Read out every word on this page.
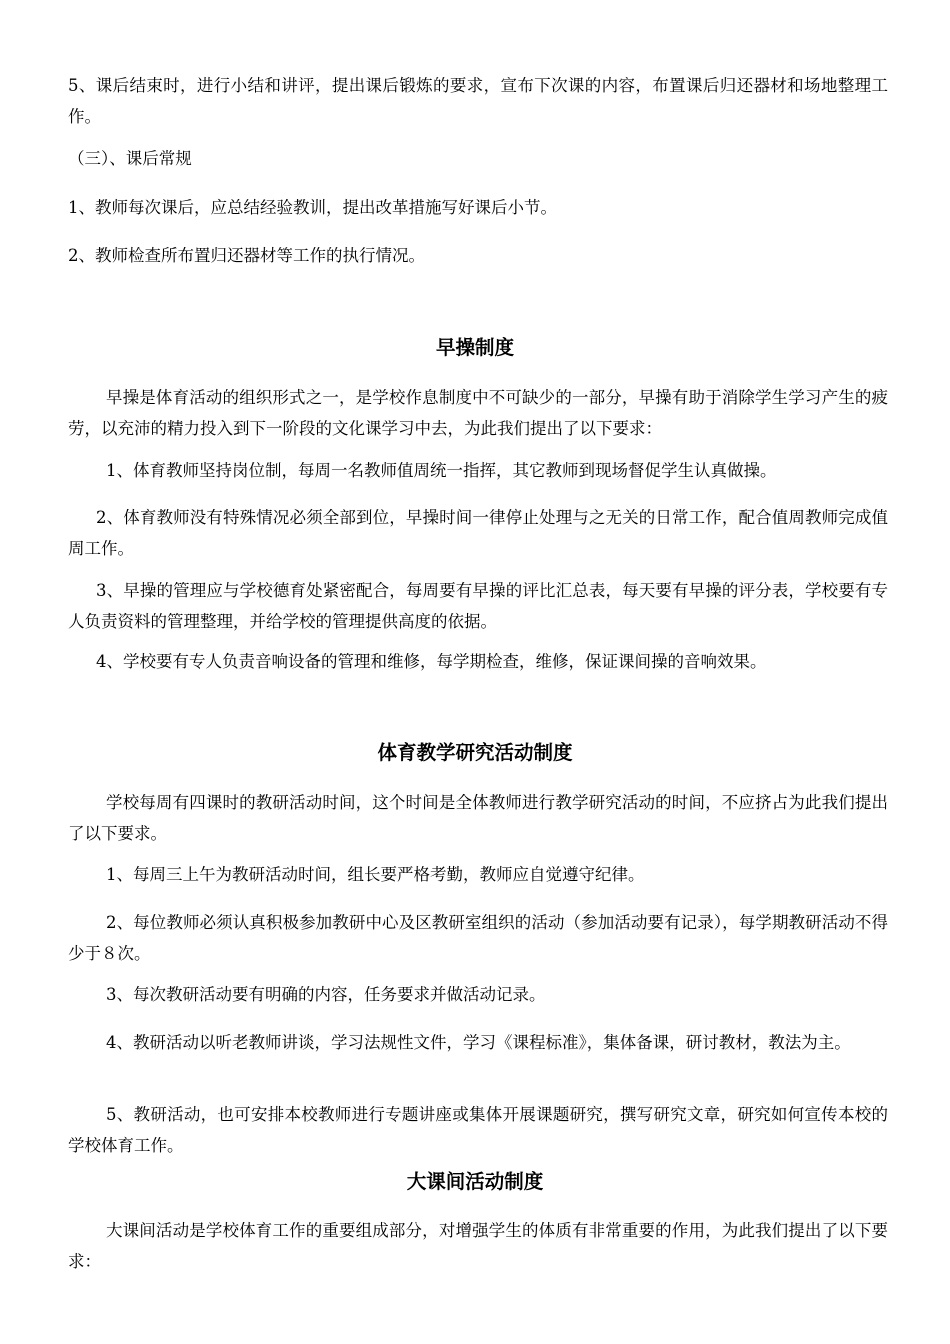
5、课后结束时，进行小结和讲评，提出课后锻炼的要求，宣布下次课的内容，布置课后归还器材和场地整理工作。
（三）、课后常规
1、教师每次课后，应总结经验教训，提出改革措施写好课后小节。
2、教师检查所布置归还器材等工作的执行情况。
早操制度
早操是体育活动的组织形式之一，是学校作息制度中不可缺少的一部分，早操有助于消除学生学习产生的疲劳，以充沛的精力投入到下一阶段的文化课学习中去，为此我们提出了以下要求：
1、体育教师坚持岗位制，每周一名教师值周统一指挥，其它教师到现场督促学生认真做操。
2、体育教师没有特殊情况必须全部到位，早操时间一律停止处理与之无关的日常工作，配合值周教师完成值周工作。
3、早操的管理应与学校德育处紧密配合，每周要有早操的评比汇总表，每天要有早操的评分表，学校要有专人负责资料的管理整理，并给学校的管理提供高度的依据。
4、学校要有专人负责音响设备的管理和维修，每学期检查，维修，保证课间操的音响效果。
体育教学研究活动制度
学校每周有四课时的教研活动时间，这个时间是全体教师进行教学研究活动的时间，不应挤占为此我们提出了以下要求。
1、每周三上午为教研活动时间，组长要严格考勤，教师应自觉遵守纪律。
2、每位教师必须认真积极参加教研中心及区教研室组织的活动（参加活动要有记录），每学期教研活动不得少于８次。
3、每次教研活动要有明确的内容，任务要求并做活动记录。
4、教研活动以听老教师讲谈，学习法规性文件，学习《课程标准》，集体备课，研讨教材，教法为主。
5、教研活动，也可安排本校教师进行专题讲座或集体开展课题研究，撰写研究文章，研究如何宣传本校的学校体育工作。
大课间活动制度
大课间活动是学校体育工作的重要组成部分，对增强学生的体质有非常重要的作用，为此我们提出了以下要求：
